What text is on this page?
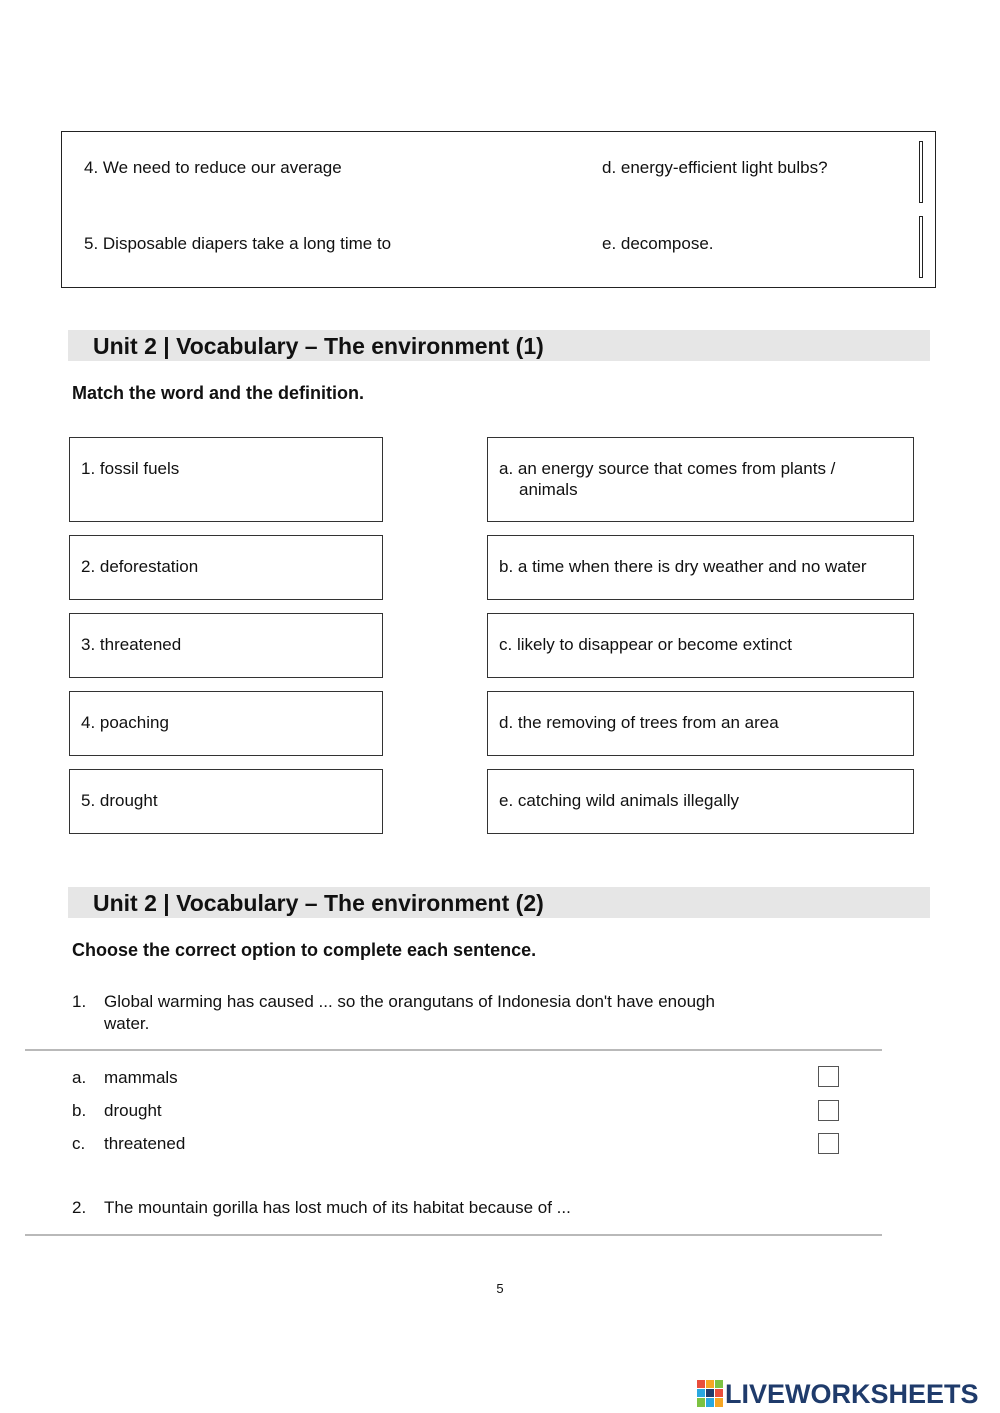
4. We need to reduce our average	d. energy-efficient light bulbs?
5. Disposable diapers take a long time to	e. decompose.
Unit 2 | Vocabulary – The environment (1)
Match the word and the definition.
1. fossil fuels
2. deforestation
3. threatened
4. poaching
5. drought
a. an energy source that comes from plants /
animals
b. a time when there is dry weather and no water
c. likely to disappear or become extinct
d. the removing of trees from an area
e. catching wild animals illegally
Unit 2 | Vocabulary – The environment (2)
Choose the correct option to complete each sentence.
1. Global warming has caused ... so the orangutans of Indonesia don't have enough
water.
a. mammals
b. drought
c. threatened
2. The mountain gorilla has lost much of its habitat because of ...
5
LIVEWORKSHEETS
